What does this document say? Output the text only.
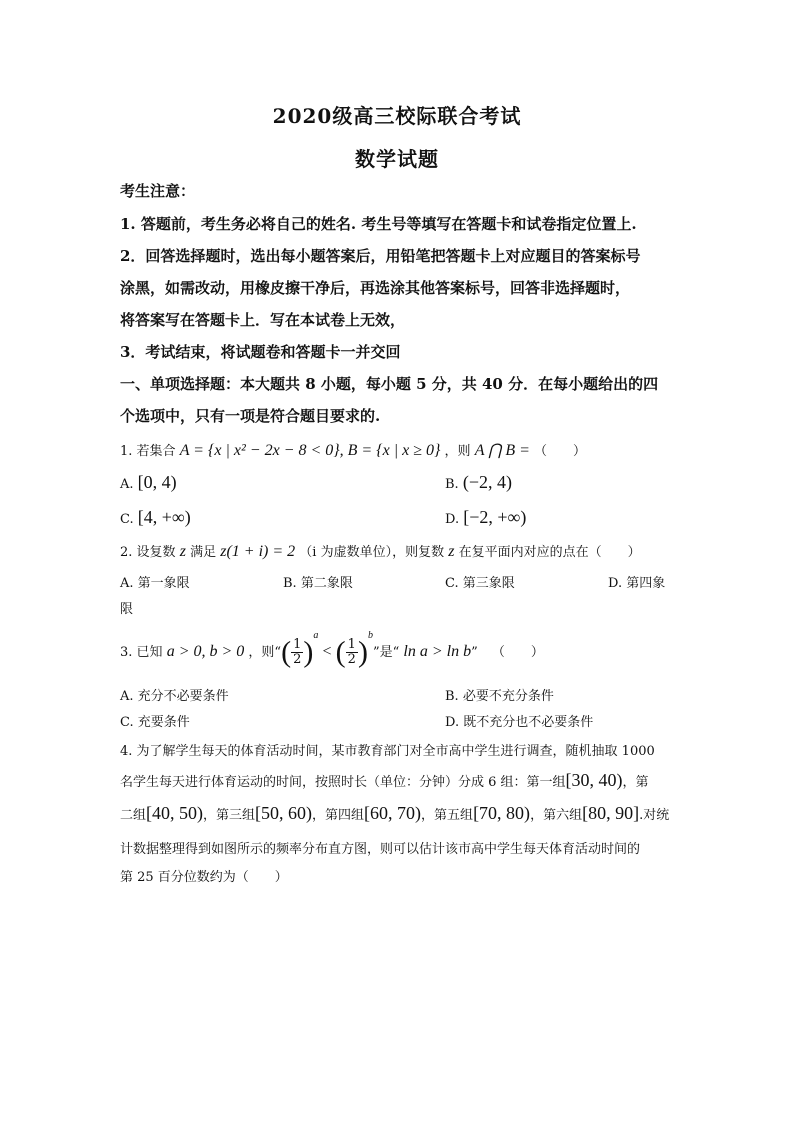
2020级高三校际联合考试
数学试题
考生注意：
1. 答题前，考生务必将自己的姓名. 考生号等填写在答题卡和试卷指定位置上.
2．回答选择题时，选出每小题答案后，用铅笔把答题卡上对应题目的答案标号
涂黑，如需改动，用橡皮擦干净后，再选涂其他答案标号，回答非选择题时，
将答案写在答题卡上．写在本试卷上无效，
3．考试结束，将试题卷和答题卡一并交回
一、单项选择题：本大题共 8 小题，每小题 5 分，共 40 分．在每小题给出的四
个选项中，只有一项是符合题目要求的.
1. 若集合 A = {x | x² − 2x − 8 < 0}, B = {x | x ≥ 0} ，则 A ⋂ B = （　　）
A. [0, 4)	B. (−2, 4)
C. [4, +∞)	D. [−2, +∞)
2. 设复数 z 满足 z(1 + i) = 2 （i 为虚数单位），则复数 z 在复平面内对应的点在（　　）
A. 第一象限	B. 第二象限	C. 第三象限	D. 第四象
限
3. 已知 a > 0, b > 0 ，则“( $\frac{1}{2} )^a$ < ( $\frac{1}{2} )^b$”是“ ln a > ln b” （　　）
A. 充分不必要条件	B. 必要不充分条件
C. 充要条件	D. 既不充分也不必要条件
4. 为了解学生每天的体育活动时间，某市教育部门对全市高中学生进行调查，随机抽取 1000
名学生每天进行体育运动的时间，按照时长（单位：分钟）分成 6 组：第一组[30, 40)，第
二组[40, 50)，第三组[50, 60)，第四组[60, 70)，第五组[70, 80)，第六组[80, 90].对统
计数据整理得到如图所示的频率分布直方图，则可以估计该市高中学生每天体育活动时间的
第 25 百分位数约为（　　）
